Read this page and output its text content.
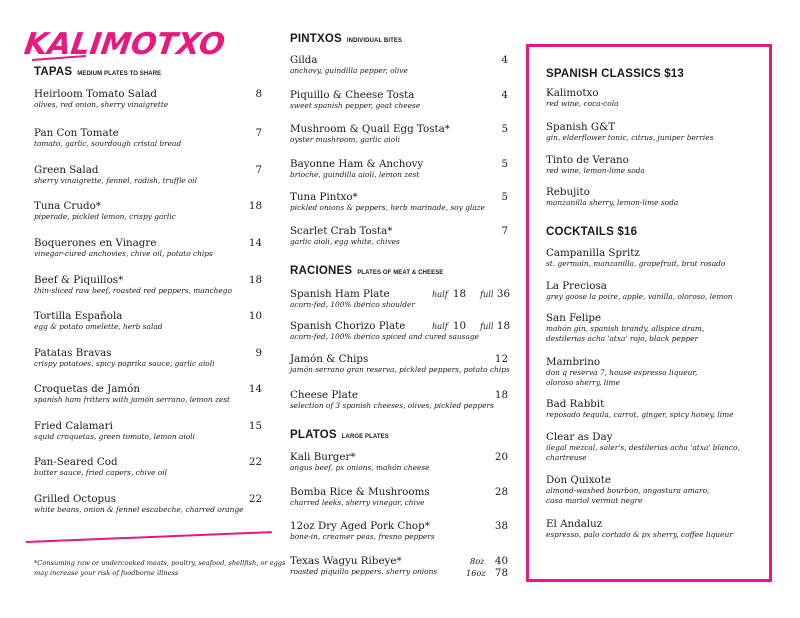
KALIMOTXO
TAPAS MEDIUM PLATES TO SHARE
Heirloom Tomato Salad
olives, red onion, sherry vinaigrette
8
Pan Con Tomate
tomato, garlic, sourdough cristal bread
7
Green Salad
sherry vinaigrette, fennel, radish, truffle oil
7
Tuna Crudo*
piperade, pickled lemon, crispy garlic
18
Boquerones en Vinagre
vinegar-cured anchovies, chive oil, potato chips
14
Beef & Piquillos*
thin-sliced raw beef, roasted red peppers, manchego
18
Tortilla Española
egg & potato omelette, herb salad
10
Patatas Bravas
crispy potatoes, spicy paprika sauce, garlic aioli
9
Croquetas de Jamón
spanish ham fritters with jamón serrano, lemon zest
14
Fried Calamari
squid croquetas, green tomato, lemon aioli
15
Pan-Seared Cod
butter sauce, fried capers, chive oil
22
Grilled Octopus
white beans, onion & fennel escabeche, charred orange
22
*Consuming raw or undercooked meats, poultry, seafood, shellfish, or eggs may increase your risk of foodborne illness
PINTXOS INDIVIDUAL BITES
Gilda
anchovy, guindilla pepper, olive
4
Piquillo & Cheese Tosta
sweet spanish pepper, goat cheese
4
Mushroom & Quail Egg Tosta*
oyster mushroom, garlic aioli
5
Bayonne Ham & Anchovy
brioche, guindilla aioli, lemon zest
5
Tuna Pintxo*
pickled onions & peppers, herb marinade, soy glaze
5
Scarlet Crab Tosta*
garlic aioli, egg white, chives
7
RACIONES PLATES OF MEAT & CHEESE
Spanish Ham Plate
acorn-fed, 100% ibérico shoulder
half 18 full 36
Spanish Chorizo Plate
acorn-fed, 100% ibérico spiced and cured sausage
half 10 full 18
Jamón & Chips
jamón serrano gran reserva, pickled peppers, potato chips
12
Cheese Plate
selection of 3 spanish cheeses, olives, pickled peppers
18
PLATOS LARGE PLATES
Kali Burger*
angus beef, px onions, mahón cheese
20
Bomba Rice & Mushrooms
charred leeks, sherry vinegar, chive
28
12oz Dry Aged Pork Chop*
bone-in, creamer peas, fresno peppers
38
Texas Wagyu Ribeye*
roasted piquillo peppers, sherry onions
8oz 40
16oz 78
SPANISH CLASSICS $13
Kalimotxo
red wine, coca-cola
Spanish G&T
gin, elderflower tonic, citrus, juniper berries
Tinto de Verano
red wine, lemon-lime soda
Rebujito
manzanilla sherry, lemon-lime soda
COCKTAILS $16
Campanilla Spritz
st. germain, manzanilla, grapefruit, brut rosado
La Preciosa
grey goose la poire, apple, vanilla, oloroso, lemon
San Felipe
mahón gin, spanish brandy, allspice dram,
destilerias acha 'atxa' rojo, black pepper
Mambrino
don q reserva 7, house espresso liqueur,
oloroso sherry, lime
Bad Rabbit
reposado tequila, carrot, ginger, spicy honey, lime
Clear as Day
ilegal mezcal, saler's, destilerias acha 'atxa' blanco,
chartreuse
Don Quixote
almond-washed bourbon, angostura amaro,
casa mariol vermut negre
El Andaluz
espresso, palo cortado & px sherry, coffee liqueur
